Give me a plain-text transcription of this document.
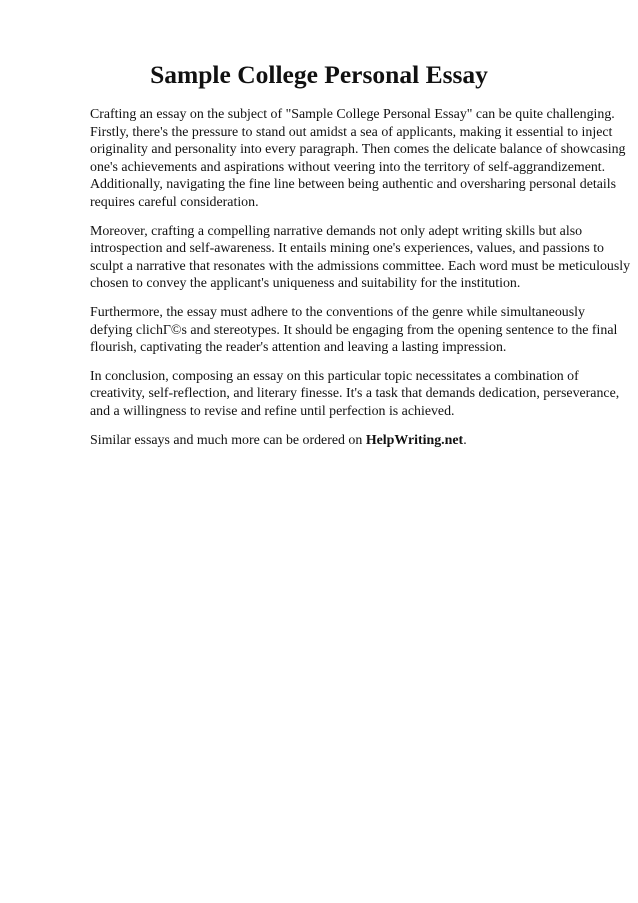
Sample College Personal Essay

Crafting an essay on the subject of "Sample College Personal Essay" can be quite challenging.
Firstly, there's the pressure to stand out amidst a sea of applicants, making it essential to inject
originality and personality into every paragraph. Then comes the delicate balance of showcasing
one's achievements and aspirations without veering into the territory of self-aggrandizement.
Additionally, navigating the fine line between being authentic and oversharing personal details
requires careful consideration.

Moreover, crafting a compelling narrative demands not only adept writing skills but also
introspection and self-awareness. It entails mining one's experiences, values, and passions to
sculpt a narrative that resonates with the admissions committee. Each word must be meticulously
chosen to convey the applicant's uniqueness and suitability for the institution.

Furthermore, the essay must adhere to the conventions of the genre while simultaneously
defying clichГ©s and stereotypes. It should be engaging from the opening sentence to the final
flourish, captivating the reader's attention and leaving a lasting impression.

In conclusion, composing an essay on this particular topic necessitates a combination of
creativity, self-reflection, and literary finesse. It's a task that demands dedication, perseverance,
and a willingness to revise and refine until perfection is achieved.

Similar essays and much more can be ordered on HelpWriting.net.
